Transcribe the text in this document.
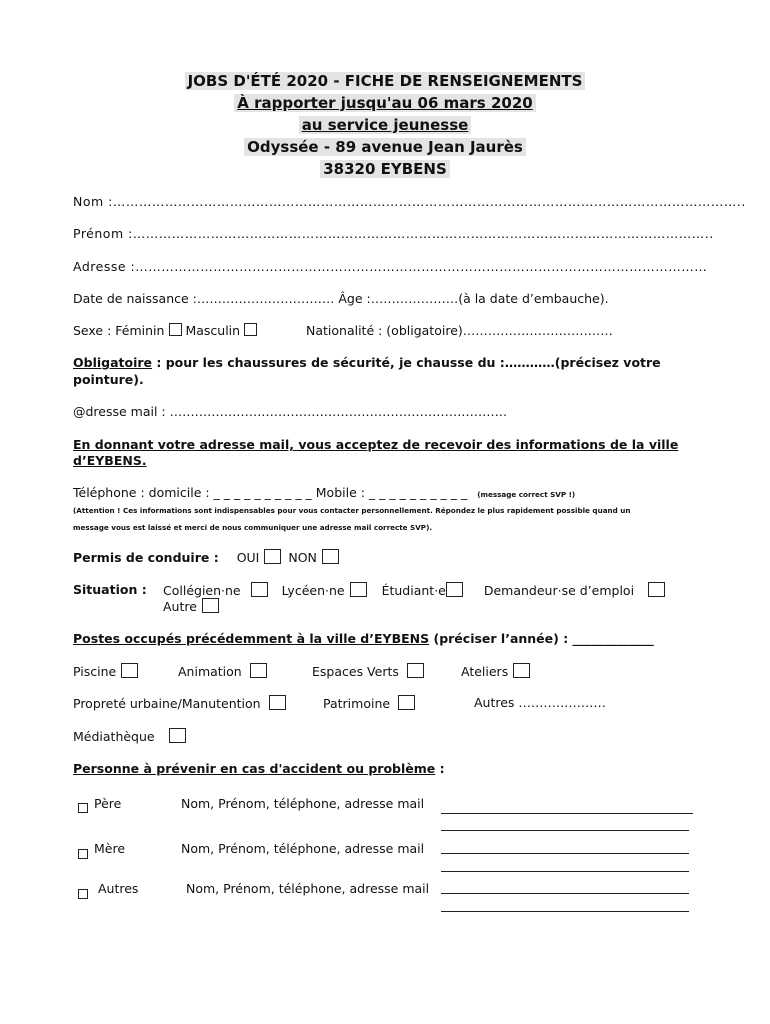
JOBS D'ÉTÉ 2020 - FICHE DE RENSEIGNEMENTS
À rapporter jusqu'au 06 mars 2020
au service jeunesse
Odyssée - 89 avenue Jean Jaurès
38320 EYBENS
Nom :………………………………………………………………………………………………………………………………..
Prénom :……………………………………………………………………………………………………………………..
Adresse :……………………………………………………………………………………………………………………
Date de naissance :…………………………… Âge :…………………(à la date d’embauche).
Sexe : Féminin Masculin	Nationalité : (obligatoire)………………………………
Obligatoire : pour les chaussures de sécurité, je chausse du :…………(précisez votre
pointure).
@dresse mail : ………………………………………………………………………
En donnant votre adresse mail, vous acceptez de recevoir des informations de la ville
d’EYBENS.
Téléphone : domicile : _ _ _ _ _ _ _ _ _ _ Mobile : _ _ _ _ _ _ _ _ _ _ (message correct SVP !)
(Attention ! Ces informations sont indispensables pour vous contacter personnellement. Répondez le plus rapidement possible quand un
message vous est laissé et merci de nous communiquer une adresse mail correcte SVP).
Permis de conduire : OUI NON
Situation : Collégien·ne	Lycéen·ne	Étudiant·e	Demandeur·se d’emploi
Autre
Postes occupés précédemment à la ville d’EYBENS (préciser l’année) : _____________
Piscine	Animation	Espaces Verts	Ateliers
Propreté urbaine/Manutention	Patrimoine	Autres …………………
Médiathèque
Personne à prévenir en cas d'accident ou problème :
Père	Nom, Prénom, téléphone, adresse mail
Mère	Nom, Prénom, téléphone, adresse mail
Autres	Nom, Prénom, téléphone, adresse mail
